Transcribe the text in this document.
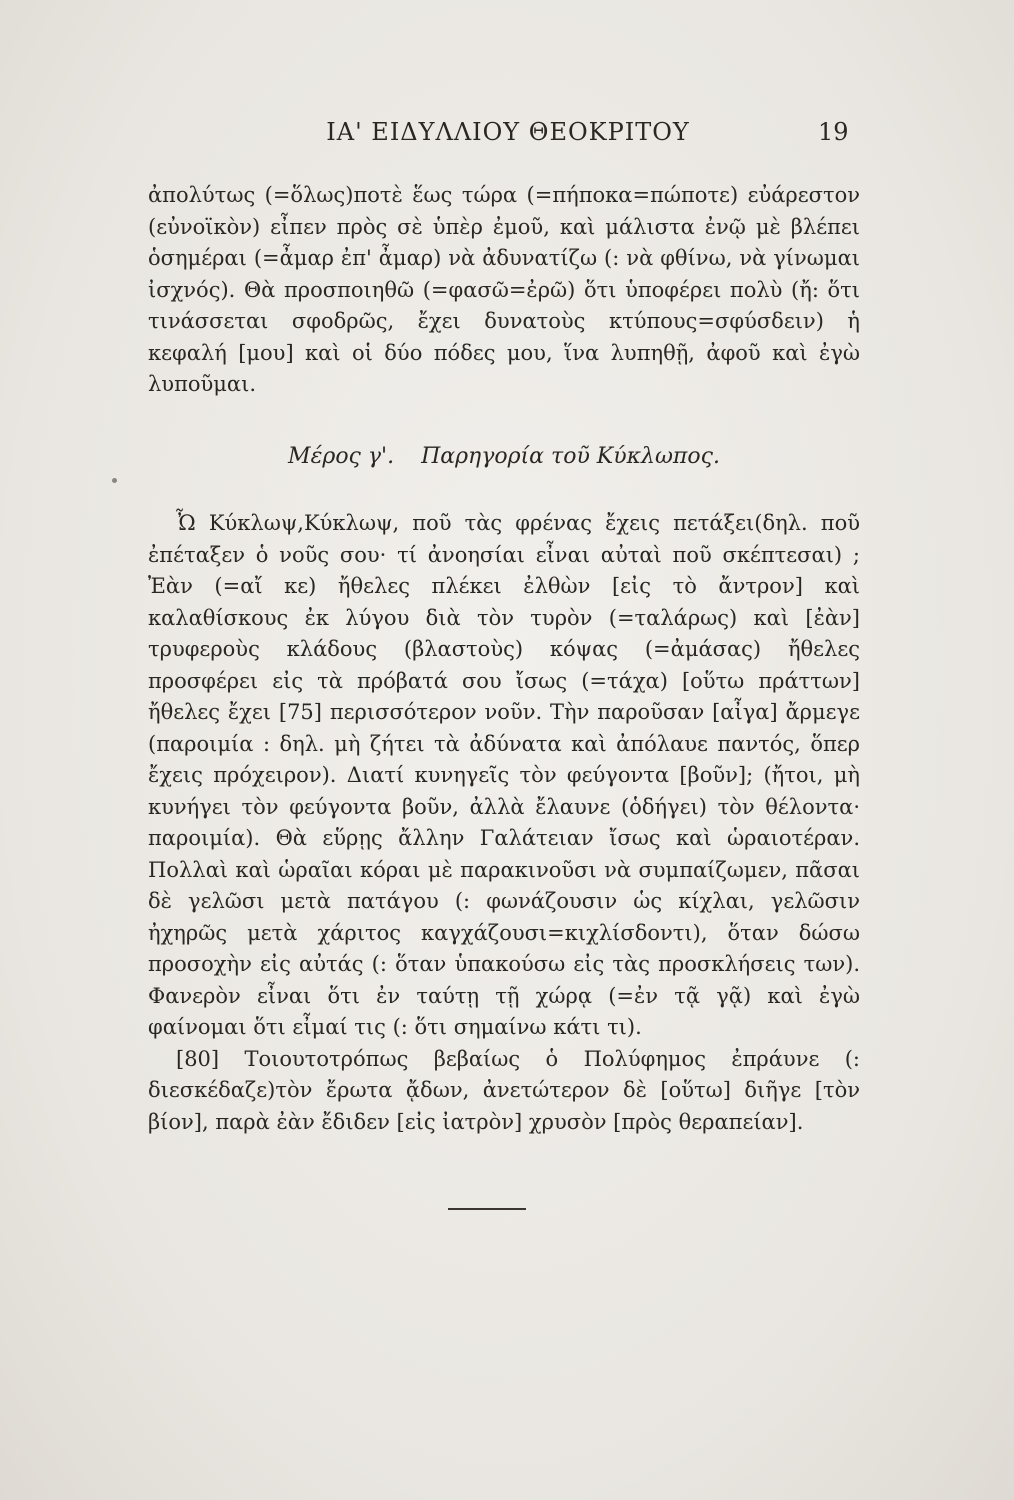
ΙΑ' ΕΙΔΥΛΛΙΟΥ ΘΕΟΚΡΙΤΟΥ	19

ἀπολύτως (=ὅλως)ποτὲ ἕως τώρα (=πήποκα=πώποτε) εὐάρεστον (εὐνοϊκὸν) εἶπεν πρὸς σὲ ὑπὲρ ἐμοῦ, καὶ μάλιστα ἐνῷ μὲ βλέπει ὁσημέραι (=ἆμαρ ἐπ' ἆμαρ) νὰ ἀδυνατίζω (: νὰ φθίνω, νὰ γίνωμαι ἰσχνός). Θὰ προσποιηθῶ (=φασῶ=ἐρῶ) ὅτι ὑποφέρει πολὺ (ἤ: ὅτι τινάσσεται σφοδρῶς, ἔχει δυνατοὺς κτύπους=σφύσδειν) ἡ κεφαλή [μου] καὶ οἱ δύο πόδες μου, ἵνα λυπηθῇ, ἀφοῦ καὶ ἐγὼ λυποῦμαι.

Μέρος γ'. Παρηγορία τοῦ Κύκλωπος.

Ὦ Κύκλωψ,Κύκλωψ, ποῦ τὰς φρένας ἔχεις πετάξει(δηλ. ποῦ ἐπέταξεν ὁ νοῦς σου· τί ἀνοησίαι εἶναι αὐταὶ ποῦ σκέπτεσαι) ; Ἐὰν (=αἴ κε) ἤθελες πλέκει ἐλθὼν [εἰς τὸ ἄντρον] καὶ καλαθίσκους ἐκ λύγου διὰ τὸν τυρὸν (=ταλάρως) καὶ [ἐὰν] τρυφεροὺς κλάδους (βλαστοὺς) κόψας (=ἀμάσας) ἤθελες προσφέρει εἰς τὰ πρόβατά σου ἴσως (=τάχα) [οὕτω πράττων] ἤθελες ἔχει [75] περισσότερον νοῦν. Τὴν παροῦσαν [αἶγα] ἄρμεγε (παροιμία : δηλ. μὴ ζήτει τὰ ἀδύνατα καὶ ἀπόλαυε παντός, ὅπερ ἔχεις πρόχειρον). Διατί κυνηγεῖς τὸν φεύγοντα [βοῦν]; (ἤτοι, μὴ κυνήγει τὸν φεύγοντα βοῦν, ἀλλὰ ἔλαυνε (ὁδήγει) τὸν θέλοντα· παροιμία). Θὰ εὕρῃς ἄλλην Γαλάτειαν ἴσως καὶ ὡραιοτέραν. Πολλαὶ καὶ ὡραῖαι κόραι μὲ παρακινοῦσι νὰ συμπαίζωμεν, πᾶσαι δὲ γελῶσι μετὰ πατάγου (: φωνάζουσιν ὡς κίχλαι, γελῶσιν ἠχηρῶς μετὰ χάριτος καγχάζουσι=κιχλίσδοντι), ὅταν δώσω προσοχὴν εἰς αὐτάς (: ὅταν ὑπακούσω εἰς τὰς προσκλήσεις των). Φανερὸν εἶναι ὅτι ἐν ταύτῃ τῇ χώρᾳ (=ἐν τᾷ γᾷ) καὶ ἐγὼ φαίνομαι ὅτι εἶμαί τις (: ὅτι σημαίνω κάτι τι).

[80] Τοιουτοτρόπως βεβαίως ὁ Πολύφημος ἐπράυνε (: διεσκέδαζε)τὸν ἔρωτα ᾄδων, ἀνετώτερον δὲ [οὕτω] διῆγε [τὸν βίον], παρὰ ἐὰν ἔδιδεν [εἰς ἰατρὸν] χρυσὸν [πρὸς θεραπείαν].
